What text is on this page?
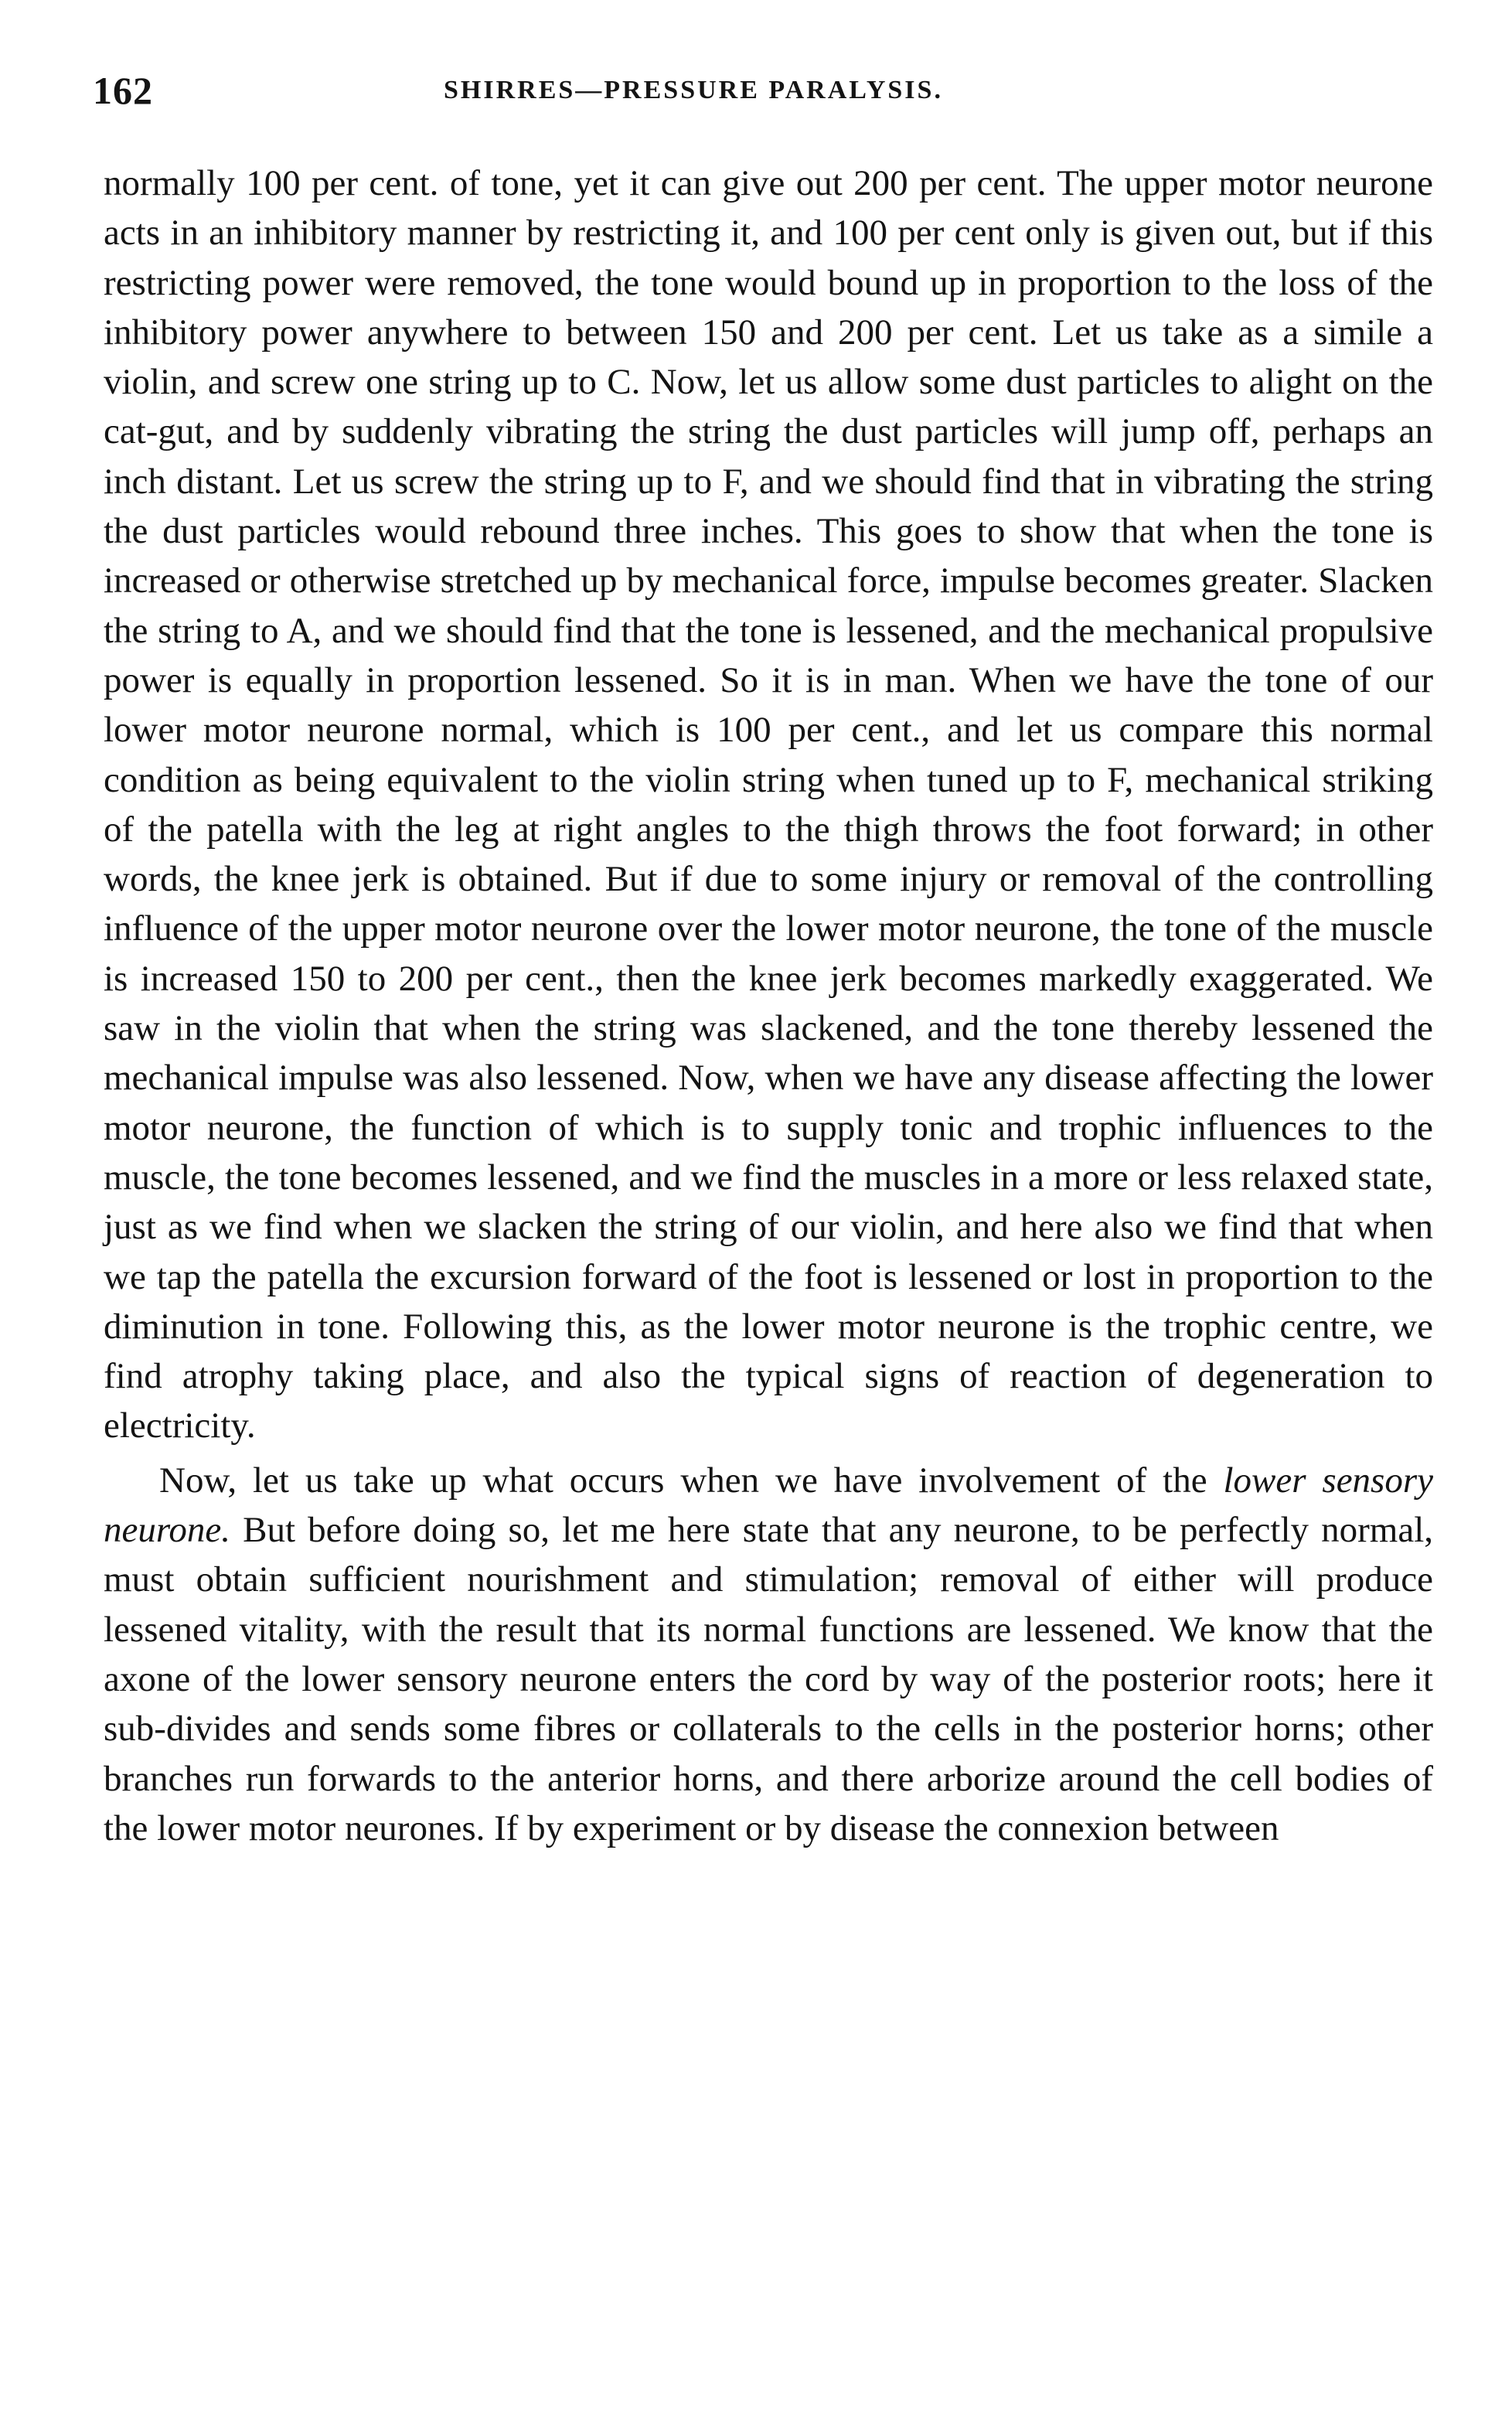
162	SHIRRES—PRESSURE PARALYSIS.

normally 100 per cent. of tone, yet it can give out 200 per cent. The upper motor neurone acts in an inhibitory manner by restricting it, and 100 per cent only is given out, but if this restricting power were removed, the tone would bound up in proportion to the loss of the inhibitory power anywhere to between 150 and 200 per cent. Let us take as a simile a violin, and screw one string up to C. Now, let us allow some dust particles to alight on the cat-gut, and by suddenly vibrating the string the dust particles will jump off, perhaps an inch distant. Let us screw the string up to F, and we should find that in vibrating the string the dust particles would rebound three inches. This goes to show that when the tone is increased or otherwise stretched up by mechanical force, impulse becomes greater. Slacken the string to A, and we should find that the tone is lessened, and the mechanical propulsive power is equally in proportion lessened. So it is in man. When we have the tone of our lower motor neurone normal, which is 100 per cent., and let us compare this normal condition as being equivalent to the violin string when tuned up to F, mechanical striking of the patella with the leg at right angles to the thigh throws the foot forward; in other words, the knee jerk is obtained. But if due to some injury or removal of the controlling influence of the upper motor neurone over the lower motor neurone, the tone of the muscle is increased 150 to 200 per cent., then the knee jerk becomes markedly exaggerated. We saw in the violin that when the string was slackened, and the tone thereby lessened the mechanical impulse was also lessened. Now, when we have any disease affecting the lower motor neurone, the function of which is to supply tonic and trophic influences to the muscle, the tone becomes lessened, and we find the muscles in a more or less relaxed state, just as we find when we slacken the string of our violin, and here also we find that when we tap the patella the excursion forward of the foot is lessened or lost in proportion to the diminution in tone. Following this, as the lower motor neurone is the trophic centre, we find atrophy taking place, and also the typical signs of reaction of degeneration to electricity.

Now, let us take up what occurs when we have involvement of the lower sensory neurone. But before doing so, let me here state that any neurone, to be perfectly normal, must obtain sufficient nourishment and stimulation; removal of either will produce lessened vitality, with the result that its normal functions are lessened. We know that the axone of the lower sensory neurone enters the cord by way of the posterior roots; here it sub-divides and sends some fibres or collaterals to the cells in the posterior horns; other branches run forwards to the anterior horns, and there arborize around the cell bodies of the lower motor neurones. If by experiment or by disease the connexion between
